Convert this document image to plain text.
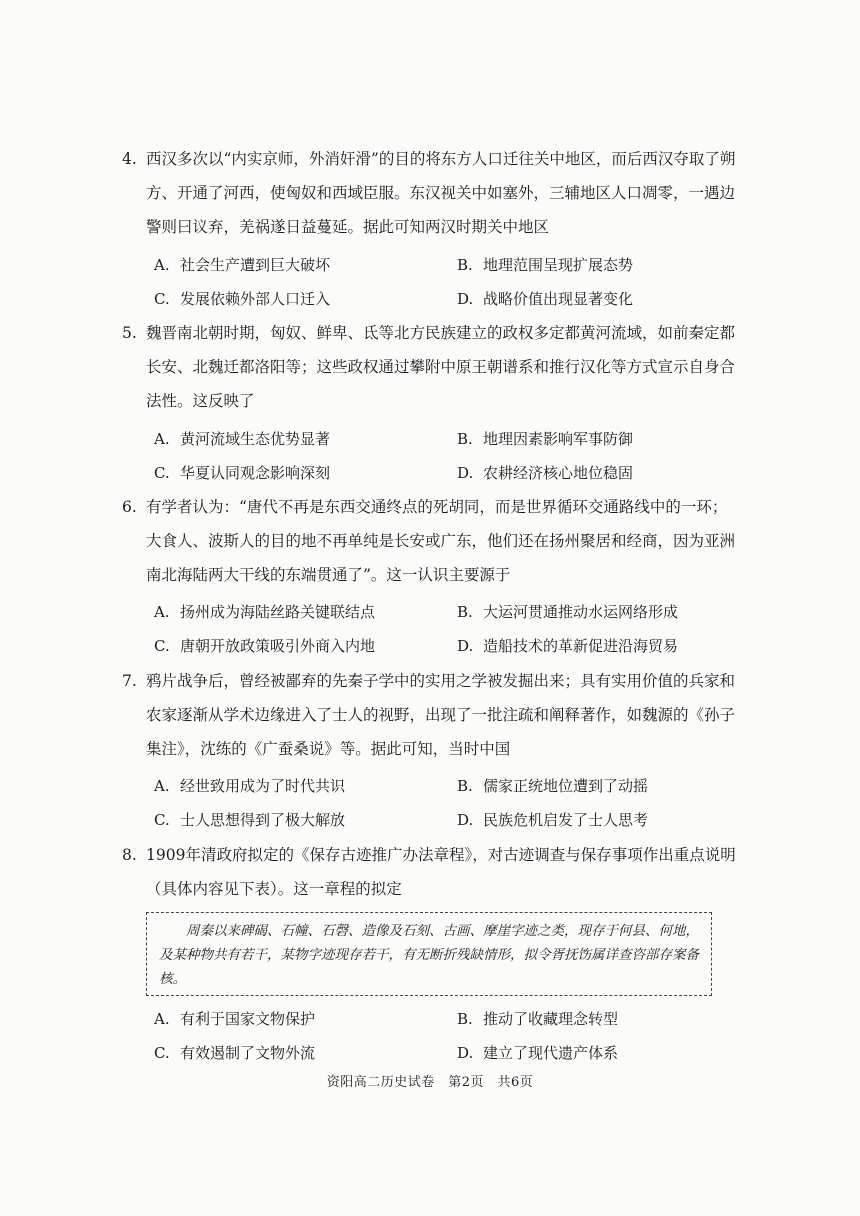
4. 西汉多次以“内实京师，外消奸滑”的目的将东方人口迁往关中地区，而后西汉夺取了朔方、开通了河西，使匈奴和西域臣服。东汉视关中如塞外，三辅地区人口凋零，一遇边警则曰议弃，羌祸遂日益蔓延。据此可知两汉时期关中地区
A. 社会生产遭到巨大破坏	B. 地理范围呈现扩展态势
C. 发展依赖外部人口迁入	D. 战略价值出现显著变化
5. 魏晋南北朝时期，匈奴、鲜卑、氐等北方民族建立的政权多定都黄河流域，如前秦定都长安、北魏迁都洛阳等；这些政权通过攀附中原王朝谱系和推行汉化等方式宣示自身合法性。这反映了
A. 黄河流域生态优势显著	B. 地理因素影响军事防御
C. 华夏认同观念影响深刻	D. 农耕经济核心地位稳固
6. 有学者认为：“唐代不再是东西交通终点的死胡同，而是世界循环交通路线中的一环；大食人、波斯人的目的地不再单纯是长安或广东，他们还在扬州聚居和经商，因为亚洲南北海陆两大干线的东端贯通了”。这一认识主要源于
A. 扬州成为海陆丝路关键联结点	B. 大运河贯通推动水运网络形成
C. 唐朝开放政策吸引外商入内地	D. 造船技术的革新促进沿海贸易
7. 鸦片战争后，曾经被鄙弃的先秦子学中的实用之学被发掘出来；具有实用价值的兵家和农家逐渐从学术边缘进入了士人的视野，出现了一批注疏和阐释著作，如魏源的《孙子集注》，沈练的《广蚕桑说》等。据此可知，当时中国
A. 经世致用成为了时代共识	B. 儒家正统地位遭到了动摇
C. 士人思想得到了极大解放	D. 民族危机启发了士人思考
8. 1909年清政府拟定的《保存古迹推广办法章程》，对古迹调查与保存事项作出重点说明（具体内容见下表）。这一章程的拟定
周秦以来碑碣、石幢、石磬、造像及石刻、古画、摩崖字迹之类，现存于何县、何地，及某种物共有若干，某物字迹现存若干，有无断折残缺情形，拟令胥抚饬属详查咨部存案备核。
A. 有利于国家文物保护	B. 推动了收藏理念转型
C. 有效遏制了文物外流	D. 建立了现代遗产体系
资阳高二历史试卷　第2页　共6页
